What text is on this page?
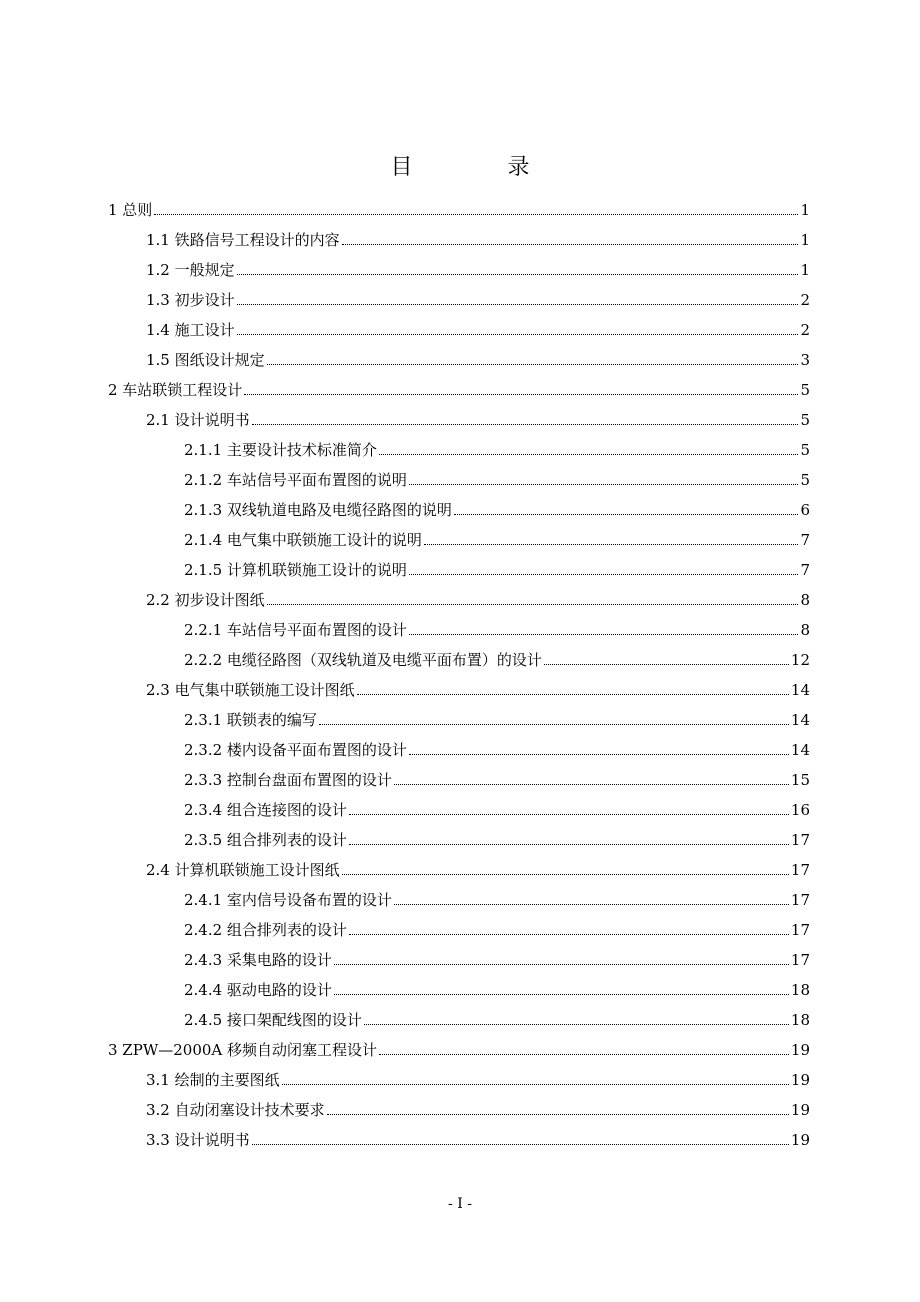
目 录
1 总则	1
1.1 铁路信号工程设计的内容	1
1.2 一般规定	1
1.3 初步设计	2
1.4 施工设计	2
1.5 图纸设计规定	3
2 车站联锁工程设计	5
2.1 设计说明书	5
2.1.1 主要设计技术标准简介	5
2.1.2 车站信号平面布置图的说明	5
2.1.3 双线轨道电路及电缆径路图的说明	6
2.1.4 电气集中联锁施工设计的说明	7
2.1.5 计算机联锁施工设计的说明	7
2.2 初步设计图纸	8
2.2.1 车站信号平面布置图的设计	8
2.2.2 电缆径路图（双线轨道及电缆平面布置）的设计	12
2.3 电气集中联锁施工设计图纸	14
2.3.1 联锁表的编写	14
2.3.2 楼内设备平面布置图的设计	14
2.3.3 控制台盘面布置图的设计	15
2.3.4 组合连接图的设计	16
2.3.5 组合排列表的设计	17
2.4 计算机联锁施工设计图纸	17
2.4.1 室内信号设备布置的设计	17
2.4.2 组合排列表的设计	17
2.4.3 采集电路的设计	17
2.4.4 驱动电路的设计	18
2.4.5 接口架配线图的设计	18
3 ZPW—2000A 移频自动闭塞工程设计	19
3.1 绘制的主要图纸	19
3.2 自动闭塞设计技术要求	19
3.3 设计说明书	19
- I -
